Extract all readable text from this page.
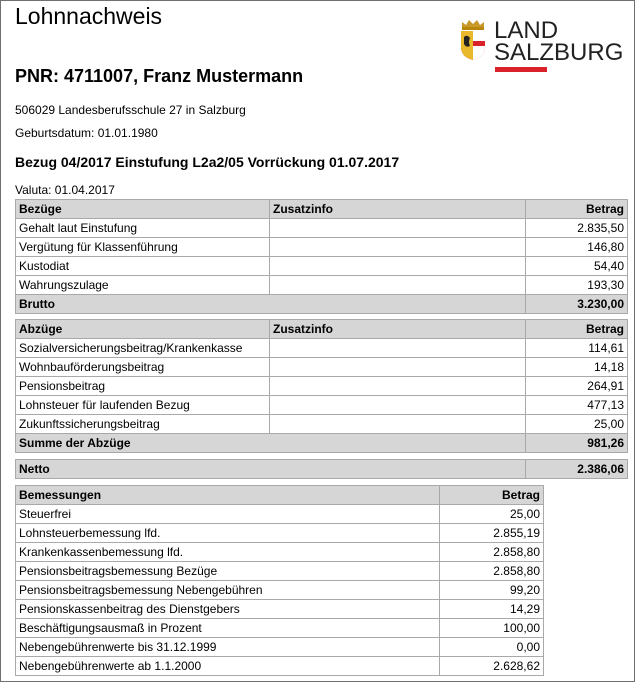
Lohnnachweis
LAND
SALZBURG
PNR: 4711007, Franz Mustermann

506029 Landesberufsschule 27 in Salzburg

Geburtsdatum: 01.01.1980

Bezug 04/2017 Einstufung L2a2/05 Vorrückung 01.07.2017

Valuta: 01.04.2017

Bezüge	Zusatzinfo	Betrag
Gehalt laut Einstufung		2.835,50
Vergütung für Klassenführung		146,80
Kustodiat		54,40
Wahrungszulage		193,30
Brutto		3.230,00
Abzüge	Zusatzinfo	Betrag
Sozialversicherungsbeitrag/Krankenkasse		114,61
Wohnbauförderungsbeitrag		14,18
Pensionsbeitrag		264,91
Lohnsteuer für laufenden Bezug		477,13
Zukunftssicherungsbeitrag		25,00
Summe der Abzüge		981,26
Netto	2.386,06
Bemessungen	Betrag
Steuerfrei	25,00
Lohnsteuerbemessung lfd.	2.855,19
Krankenkassenbemessung lfd.	2.858,80
Pensionsbeitragsbemessung Bezüge	2.858,80
Pensionsbeitragsbemessung Nebengebühren	99,20
Pensionskassenbeitrag des Dienstgebers	14,29
Beschäftigungsausmaß in Prozent	100,00
Nebengebührenwerte bis 31.12.1999	0,00
Nebengebührenwerte ab 1.1.2000	2.628,62
